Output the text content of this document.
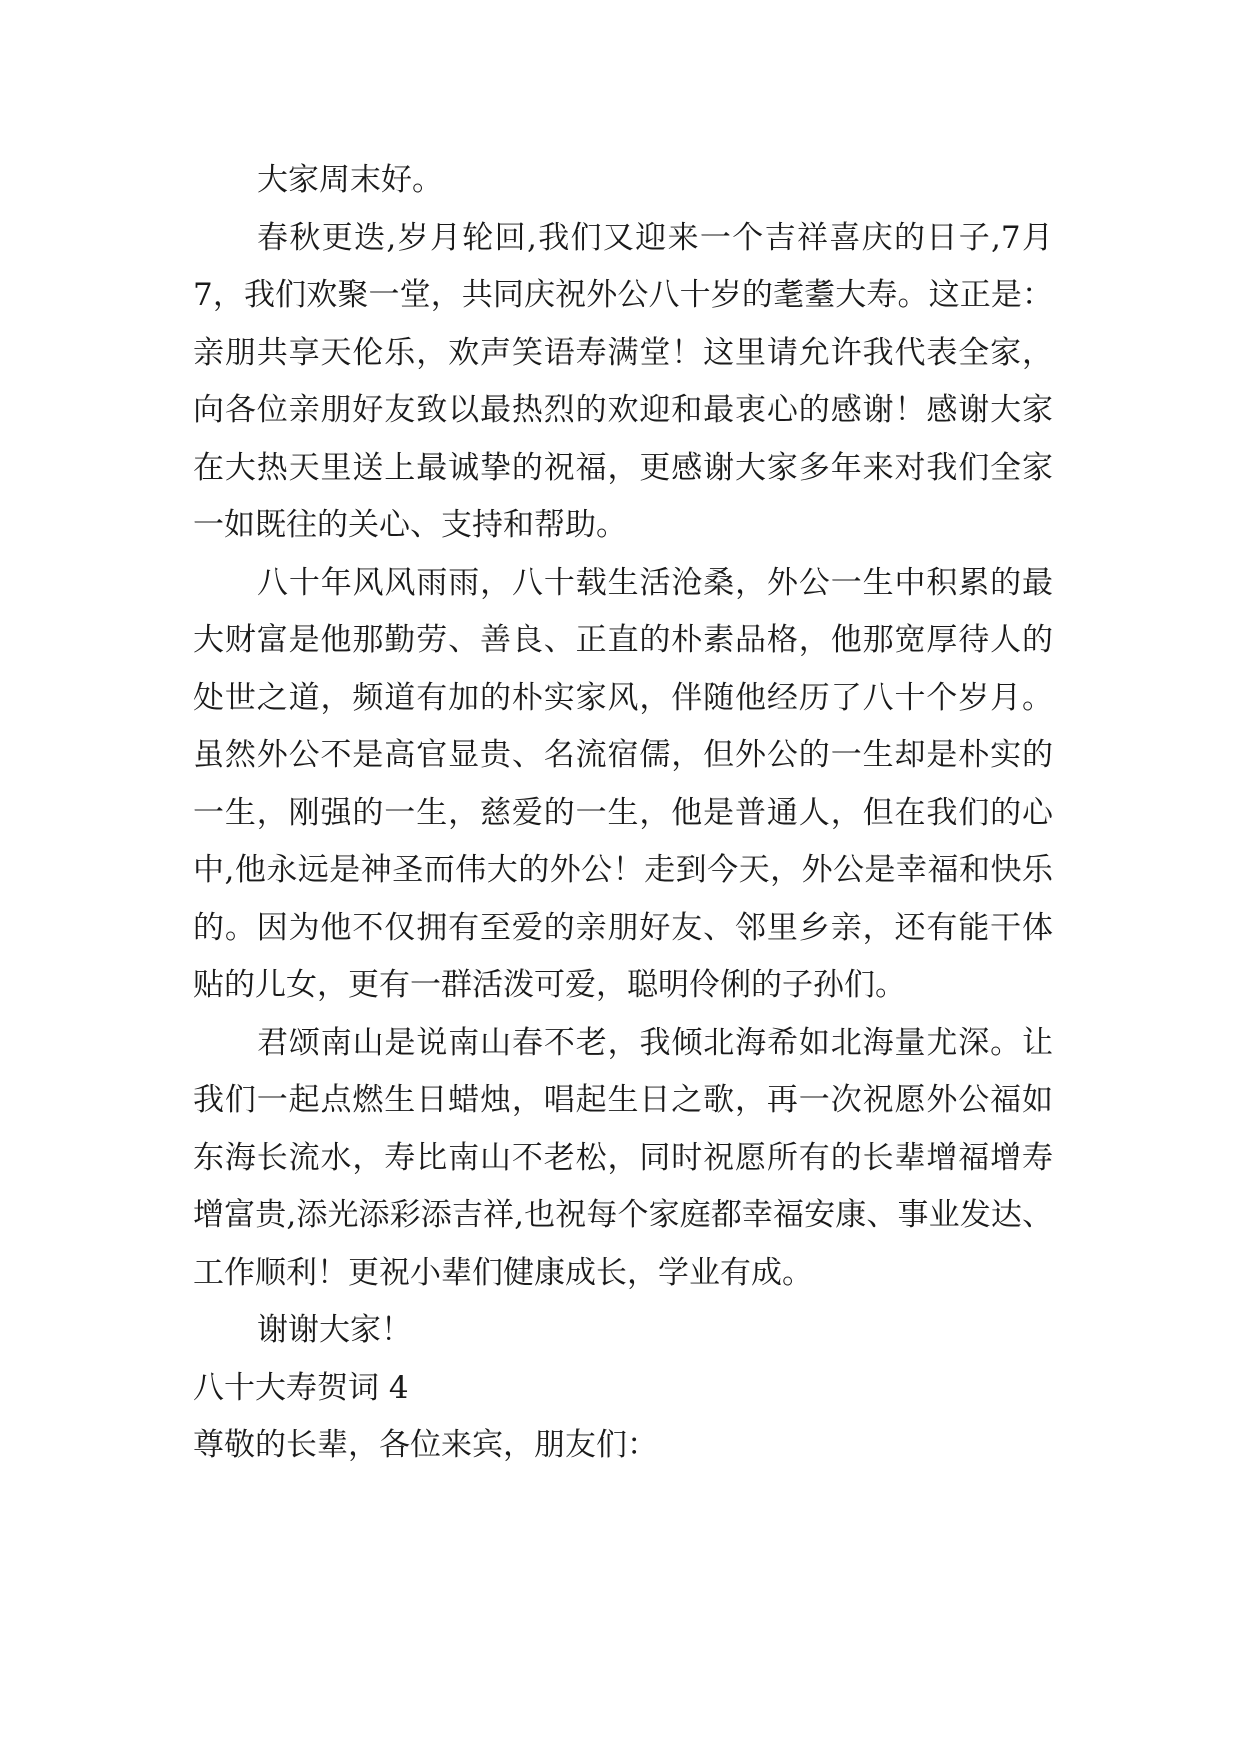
大家周末好。

春秋更迭,岁月轮回,我们又迎来一个吉祥喜庆的日子,7月7，我们欢聚一堂，共同庆祝外公八十岁的耄耋大寿。这正是：亲朋共享天伦乐，欢声笑语寿满堂！这里请允许我代表全家，向各位亲朋好友致以最热烈的欢迎和最衷心的感谢！感谢大家在大热天里送上最诚挚的祝福，更感谢大家多年来对我们全家一如既往的关心、支持和帮助。

八十年风风雨雨，八十载生活沧桑，外公一生中积累的最大财富是他那勤劳、善良、正直的朴素品格，他那宽厚待人的处世之道，频道有加的朴实家风，伴随他经历了八十个岁月。虽然外公不是高官显贵、名流宿儒，但外公的一生却是朴实的一生，刚强的一生，慈爱的一生，他是普通人，但在我们的心中,他永远是神圣而伟大的外公！走到今天，外公是幸福和快乐的。因为他不仅拥有至爱的亲朋好友、邻里乡亲，还有能干体贴的儿女，更有一群活泼可爱，聪明伶俐的子孙们。

君颂南山是说南山春不老，我倾北海希如北海量尤深。让我们一起点燃生日蜡烛，唱起生日之歌，再一次祝愿外公福如东海长流水，寿比南山不老松，同时祝愿所有的长辈增福增寿增富贵,添光添彩添吉祥,也祝每个家庭都幸福安康、事业发达、工作顺利！更祝小辈们健康成长，学业有成。

谢谢大家！

八十大寿贺词 4

尊敬的长辈，各位来宾，朋友们：
